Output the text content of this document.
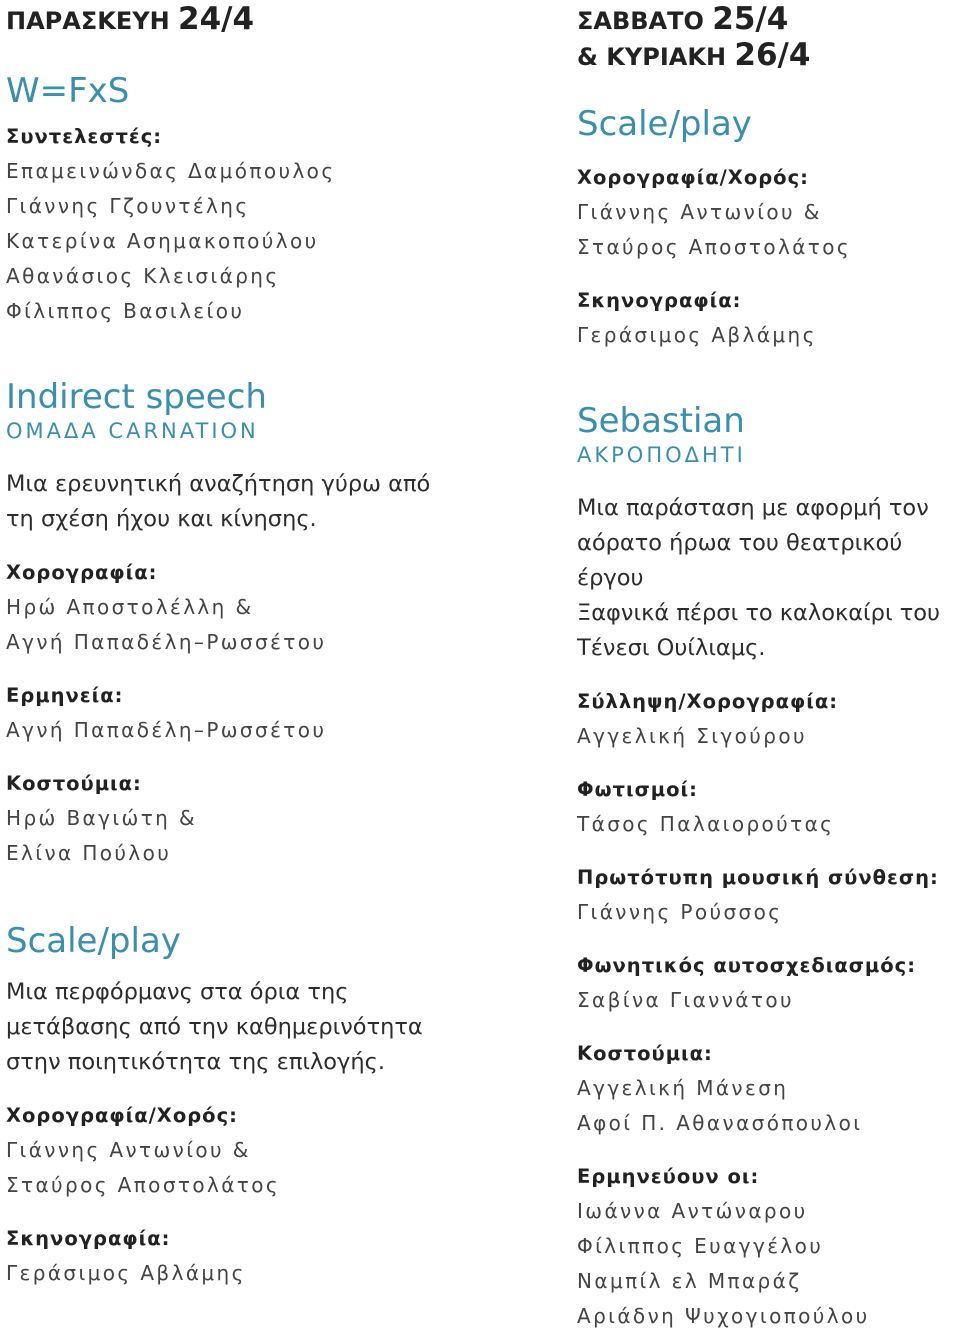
ΠΑΡΑΣΚΕΥΗ 24/4

W=FxS

Συντελεστές:

Επαμεινώνδας Δαμόπουλος
Γιάννης Γζουντέλης
Κατερίνα Ασημακοπούλου
Αθανάσιος Κλεισιάρης
Φίλιππος Βασιλείου

Indirect speech

ΟΜΑΔΑ CARNATION

Μια ερευνητική αναζήτηση γύρω από
τη σχέση ήχου και κίνησης.

Χορογραφία:

Ηρώ Αποστολέλλη &
Αγνή Παπαδέλη–Ρωσσέτου

Ερμηνεία:

Αγνή Παπαδέλη–Ρωσσέτου

Κοστούμια:

Ηρώ Βαγιώτη &
Ελίνα Πούλου

Scale/play

Μια περφόρμανς στα όρια της
μετάβασης από την καθημερινότητα
στην ποιητικότητα της επιλογής.

Χορογραφία/Χορός:

Γιάννης Αντωνίου &
Σταύρος Αποστολάτος

Σκηνογραφία:

Γεράσιμος Αβλάμης

ΣΑΒΒΑΤΟ 25/4

& ΚΥΡΙΑΚΗ 26/4

Scale/play

Χορογραφία/Χορός:

Γιάννης Αντωνίου &
Σταύρος Αποστολάτος

Σκηνογραφία:

Γεράσιμος Αβλάμης

Sebastian

ΑΚΡΟΠΟΔΗΤΙ

Μια παράσταση με αφορμή τον
αόρατο ήρωα του θεατρικού έργου
Ξαφνικά πέρσι το καλοκαίρι του
Τένεσι Ουίλιαμς.

Σύλληψη/Χορογραφία:

Αγγελική Σιγούρου

Φωτισμοί:

Τάσος Παλαιορούτας

Πρωτότυπη μουσική σύνθεση:

Γιάννης Ρούσσος

Φωνητικός αυτοσχεδιασμός:

Σαβίνα Γιαννάτου

Κοστούμια:

Αγγελική Μάνεση
Αφοί Π. Αθανασόπουλοι

Ερμηνεύουν οι:

Ιωάννα Αντώναρου
Φίλιππος Ευαγγέλου
Ναμπίλ ελ Μπαράζ
Αριάδνη Ψυχογιοπούλου
